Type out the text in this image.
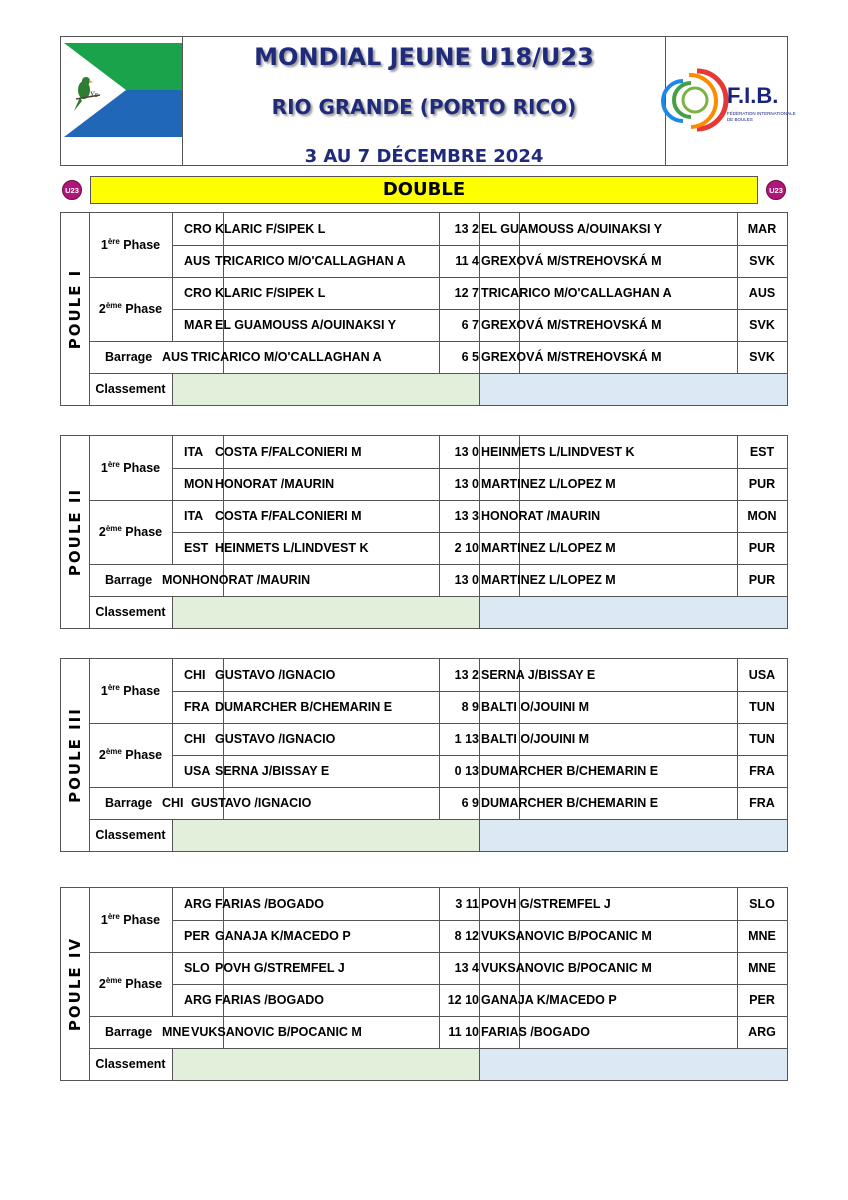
Ys
MONDIAL JEUNE U18/U23
RIO GRANDE (PORTO RICO)
3 AU 7 DÉCEMBRE 2024
F.I.B.
FÉDÉRATION INTERNATIONALE
DE BOULES
U23	DOUBLE	U23
POULE I
1ère Phase
2ème Phase
CRO KLARIC F/SIPEK L	13 2 EL GUAMOUSS A/OUINAKSI Y	MAR
AUS TRICARICO M/O'CALLAGHAN A	11 4 GREXOVÁ M/STREHOVSKÁ M	SVK
CRO KLARIC F/SIPEK L	12 7 TRICARICO M/O'CALLAGHAN A	AUS
MAR EL GUAMOUSS A/OUINAKSI Y	6 7 GREXOVÁ M/STREHOVSKÁ M	SVK
Barrage AUS TRICARICO M/O'CALLAGHAN A	6 5 GREXOVÁ M/STREHOVSKÁ M	SVK
Classement
POULE II
1ère Phase
2ème Phase
ITA COSTA F/FALCONIERI M	13 0 HEINMETS L/LINDVEST K	EST
MON HONORAT /MAURIN	13 0 MARTINEZ L/LOPEZ M	PUR
ITA COSTA F/FALCONIERI M	13 3 HONORAT /MAURIN	MON
EST HEINMETS L/LINDVEST K	2 10 MARTINEZ L/LOPEZ M	PUR
Barrage MON HONORAT /MAURIN	13 0 MARTINEZ L/LOPEZ M	PUR
Classement
POULE III
1ère Phase
2ème Phase
CHI GUSTAVO /IGNACIO	13 2 SERNA J/BISSAY E	USA
FRA DUMARCHER B/CHEMARIN E	8 9 BALTI O/JOUINI M	TUN
CHI GUSTAVO /IGNACIO	1 13 BALTI O/JOUINI M	TUN
USA SERNA J/BISSAY E	0 13 DUMARCHER B/CHEMARIN E	FRA
Barrage CHI GUSTAVO /IGNACIO	6 9 DUMARCHER B/CHEMARIN E	FRA
Classement
POULE IV
1ère Phase
2ème Phase
ARG FARIAS /BOGADO	3 11 POVH G/STREMFEL J	SLO
PER GANAJA K/MACEDO P	8 12 VUKSANOVIC B/POCANIC M	MNE
SLO POVH G/STREMFEL J	13 4 VUKSANOVIC B/POCANIC M	MNE
ARG FARIAS /BOGADO	12 10 GANAJA K/MACEDO P	PER
Barrage MNE VUKSANOVIC B/POCANIC M	11 10 FARIAS /BOGADO	ARG
Classement
